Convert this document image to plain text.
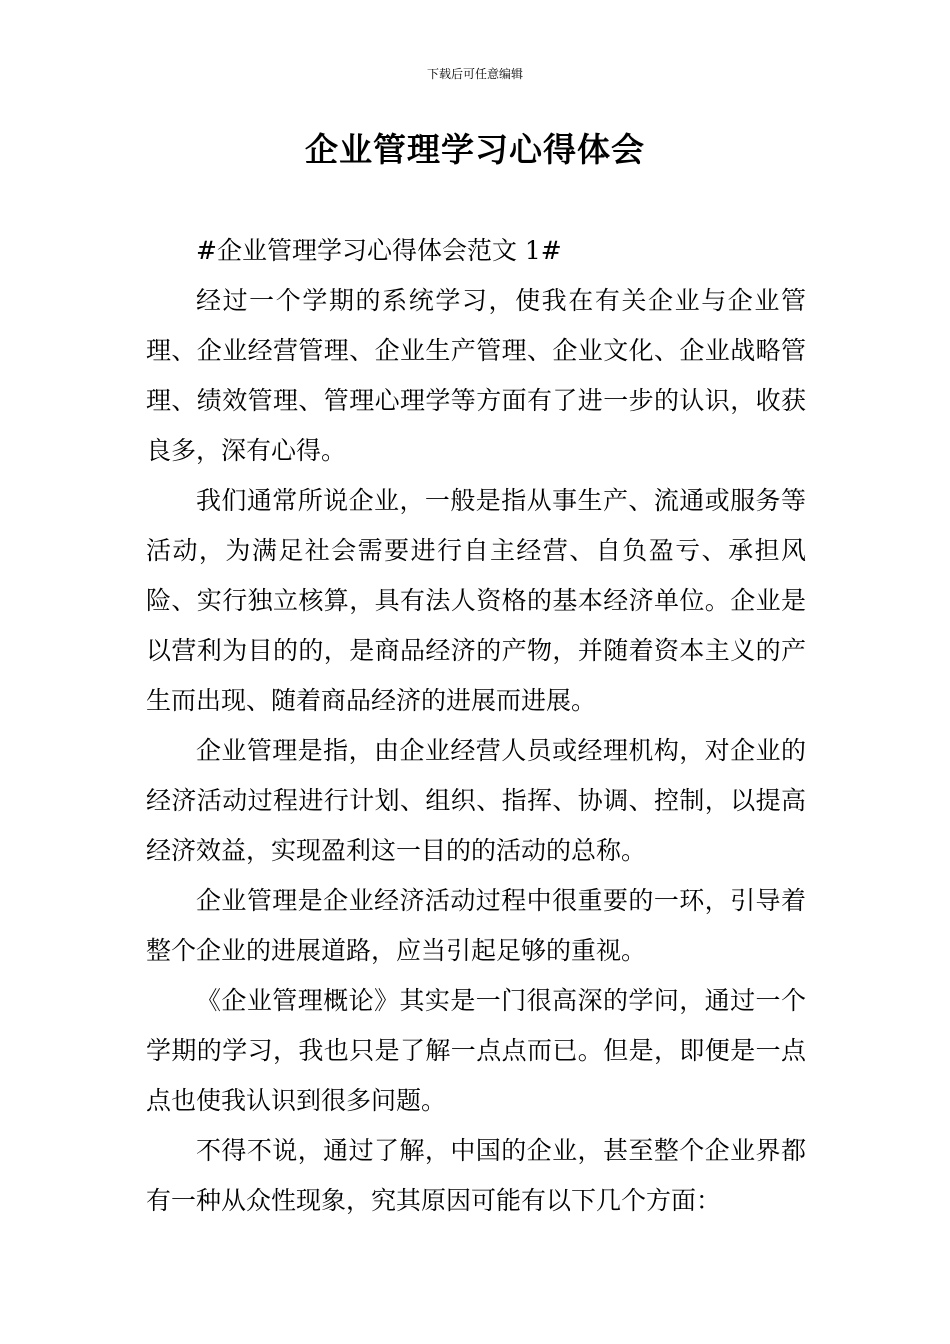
下载后可任意编辑
企业管理学习心得体会

#企业管理学习心得体会范文 1#

经过一个学期的系统学习，使我在有关企业与企业管理、企业经营管理、企业生产管理、企业文化、企业战略管理、绩效管理、管理心理学等方面有了进一步的认识，收获良多，深有心得。

我们通常所说企业，一般是指从事生产、流通或服务等活动，为满足社会需要进行自主经营、自负盈亏、承担风险、实行独立核算，具有法人资格的基本经济单位。企业是以营利为目的的，是商品经济的产物，并随着资本主义的产生而出现、随着商品经济的进展而进展。

企业管理是指，由企业经营人员或经理机构，对企业的经济活动过程进行计划、组织、指挥、协调、控制，以提高经济效益，实现盈利这一目的的活动的总称。

企业管理是企业经济活动过程中很重要的一环，引导着整个企业的进展道路，应当引起足够的重视。

《企业管理概论》其实是一门很高深的学问，通过一个学期的学习，我也只是了解一点点而已。但是，即便是一点点也使我认识到很多问题。

不得不说，通过了解，中国的企业，甚至整个企业界都有一种从众性现象，究其原因可能有以下几个方面：
